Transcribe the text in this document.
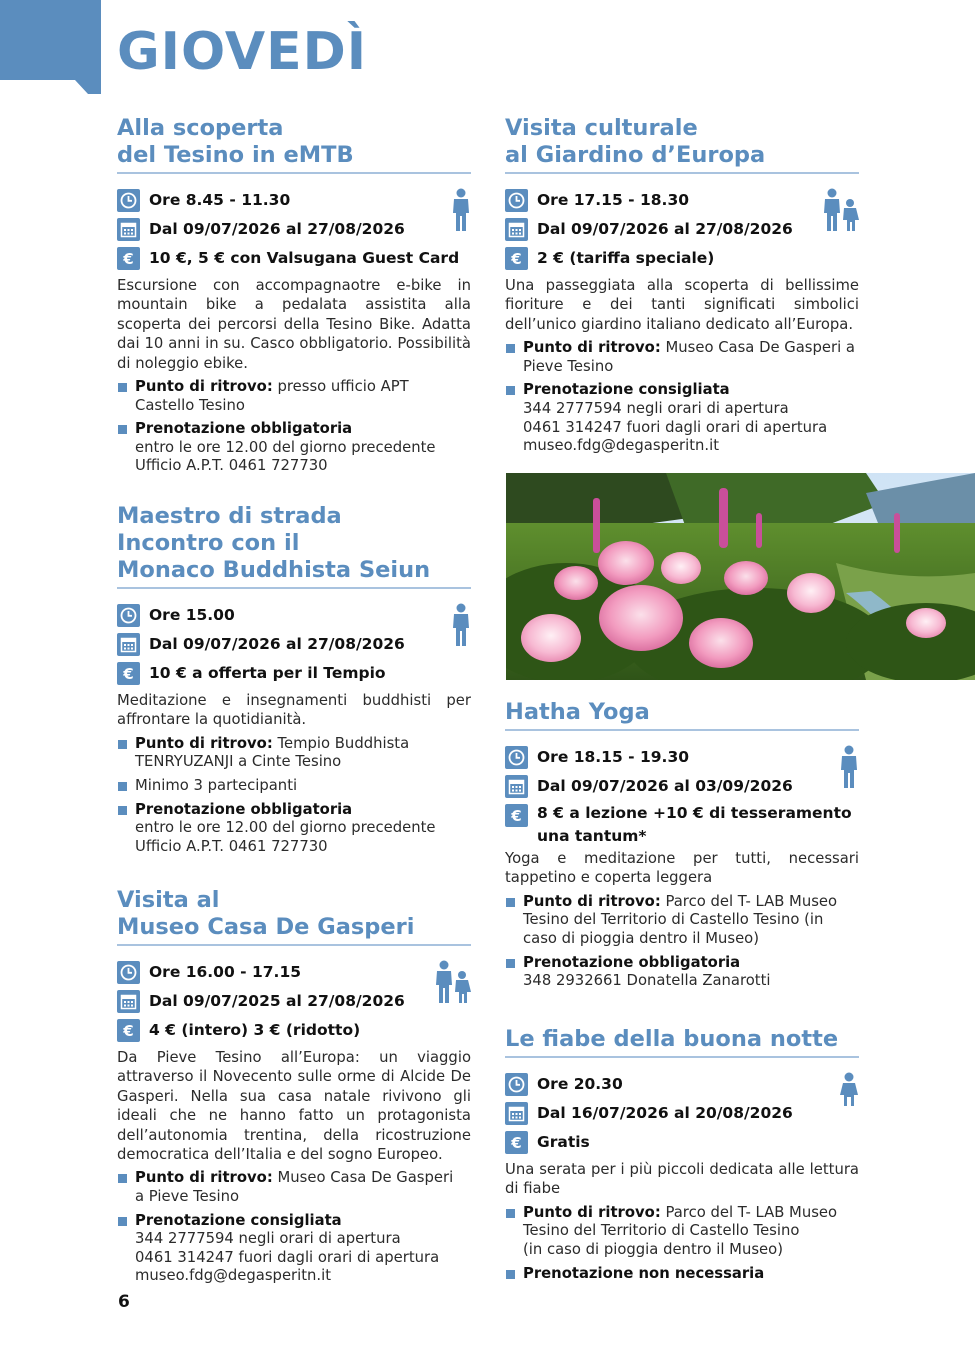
GIOVEDÌ
Alla scoperta
del Tesino in eMTB
Ore 8.45 - 11.30
Dal 09/07/2026 al 27/08/2026
€ 10 €, 5 € con Valsugana Guest Card

Escursione con accompagnaotre e-bike in mountain bike a pedalata assistita alla scoperta dei percorsi della Tesino Bike. Adatta dai 10 anni in su. Casco obbligatorio. Possibilità di noleggio ebike.

Punto di ritrovo: presso ufficio APT
Castello Tesino
Prenotazione obbligatoria
entro le ore 12.00 del giorno precedente
Ufficio A.P.T. 0461 727730
Maestro di strada
Incontro con il
Monaco Buddhista Seiun
Ore 15.00
Dal 09/07/2026 al 27/08/2026
€ 10 € a offerta per il Tempio

Meditazione e insegnamenti buddhisti per affrontare la quotidianità.

Punto di ritrovo: Tempio Buddhista
TENRYUZANJI a Cinte Tesino
Minimo 3 partecipanti
Prenotazione obbligatoria
entro le ore 12.00 del giorno precedente
Ufficio A.P.T. 0461 727730
Visita al
Museo Casa De Gasperi
Ore 16.00 - 17.15
Dal 09/07/2025 al 27/08/2026
€ 4 € (intero) 3 € (ridotto)

Da Pieve Tesino all’Europa: un viaggio attraverso il Novecento sulle orme di Alcide De Gasperi. Nella sua casa natale rivivono gli ideali che ne hanno fatto un protagonista dell’autonomia trentina, della ricostruzione democratica dell’Italia e del sogno Europeo.

Punto di ritrovo: Museo Casa De Gasperi
a Pieve Tesino
Prenotazione consigliata
344 2777594 negli orari di apertura
0461 314247 fuori dagli orari di apertura
museo.fdg@degasperitn.it
6
Visita culturale
al Giardino d’Europa
Ore 17.15 - 18.30
Dal 09/07/2026 al 27/08/2026
€ 2 € (tariffa speciale)

Una passeggiata alla scoperta di bellissime fioriture e dei tanti significati simbolici dell’unico giardino italiano dedicato all’Europa.

Punto di ritrovo: Museo Casa De Gasperi a
Pieve Tesino
Prenotazione consigliata
344 2777594 negli orari di apertura
0461 314247 fuori dagli orari di apertura
museo.fdg@degasperitn.it
Hatha Yoga
Ore 18.15 - 19.30
Dal 09/07/2026 al 03/09/2026
€ 8 € a lezione +10 € di tesseramento
una tantum*

Yoga e meditazione per tutti, necessari tappetino e coperta leggera

Punto di ritrovo: Parco del T- LAB Museo
Tesino del Territorio di Castello Tesino (in
caso di pioggia dentro il Museo)
Prenotazione obbligatoria
348 2932661 Donatella Zanarotti
Le fiabe della buona notte
Ore 20.30
Dal 16/07/2026 al 20/08/2026
€ Gratis

Una serata per i più piccoli dedicata alle lettura di fiabe

Punto di ritrovo: Parco del T- LAB Museo
Tesino del Territorio di Castello Tesino
(in caso di pioggia dentro il Museo)
Prenotazione non necessaria
